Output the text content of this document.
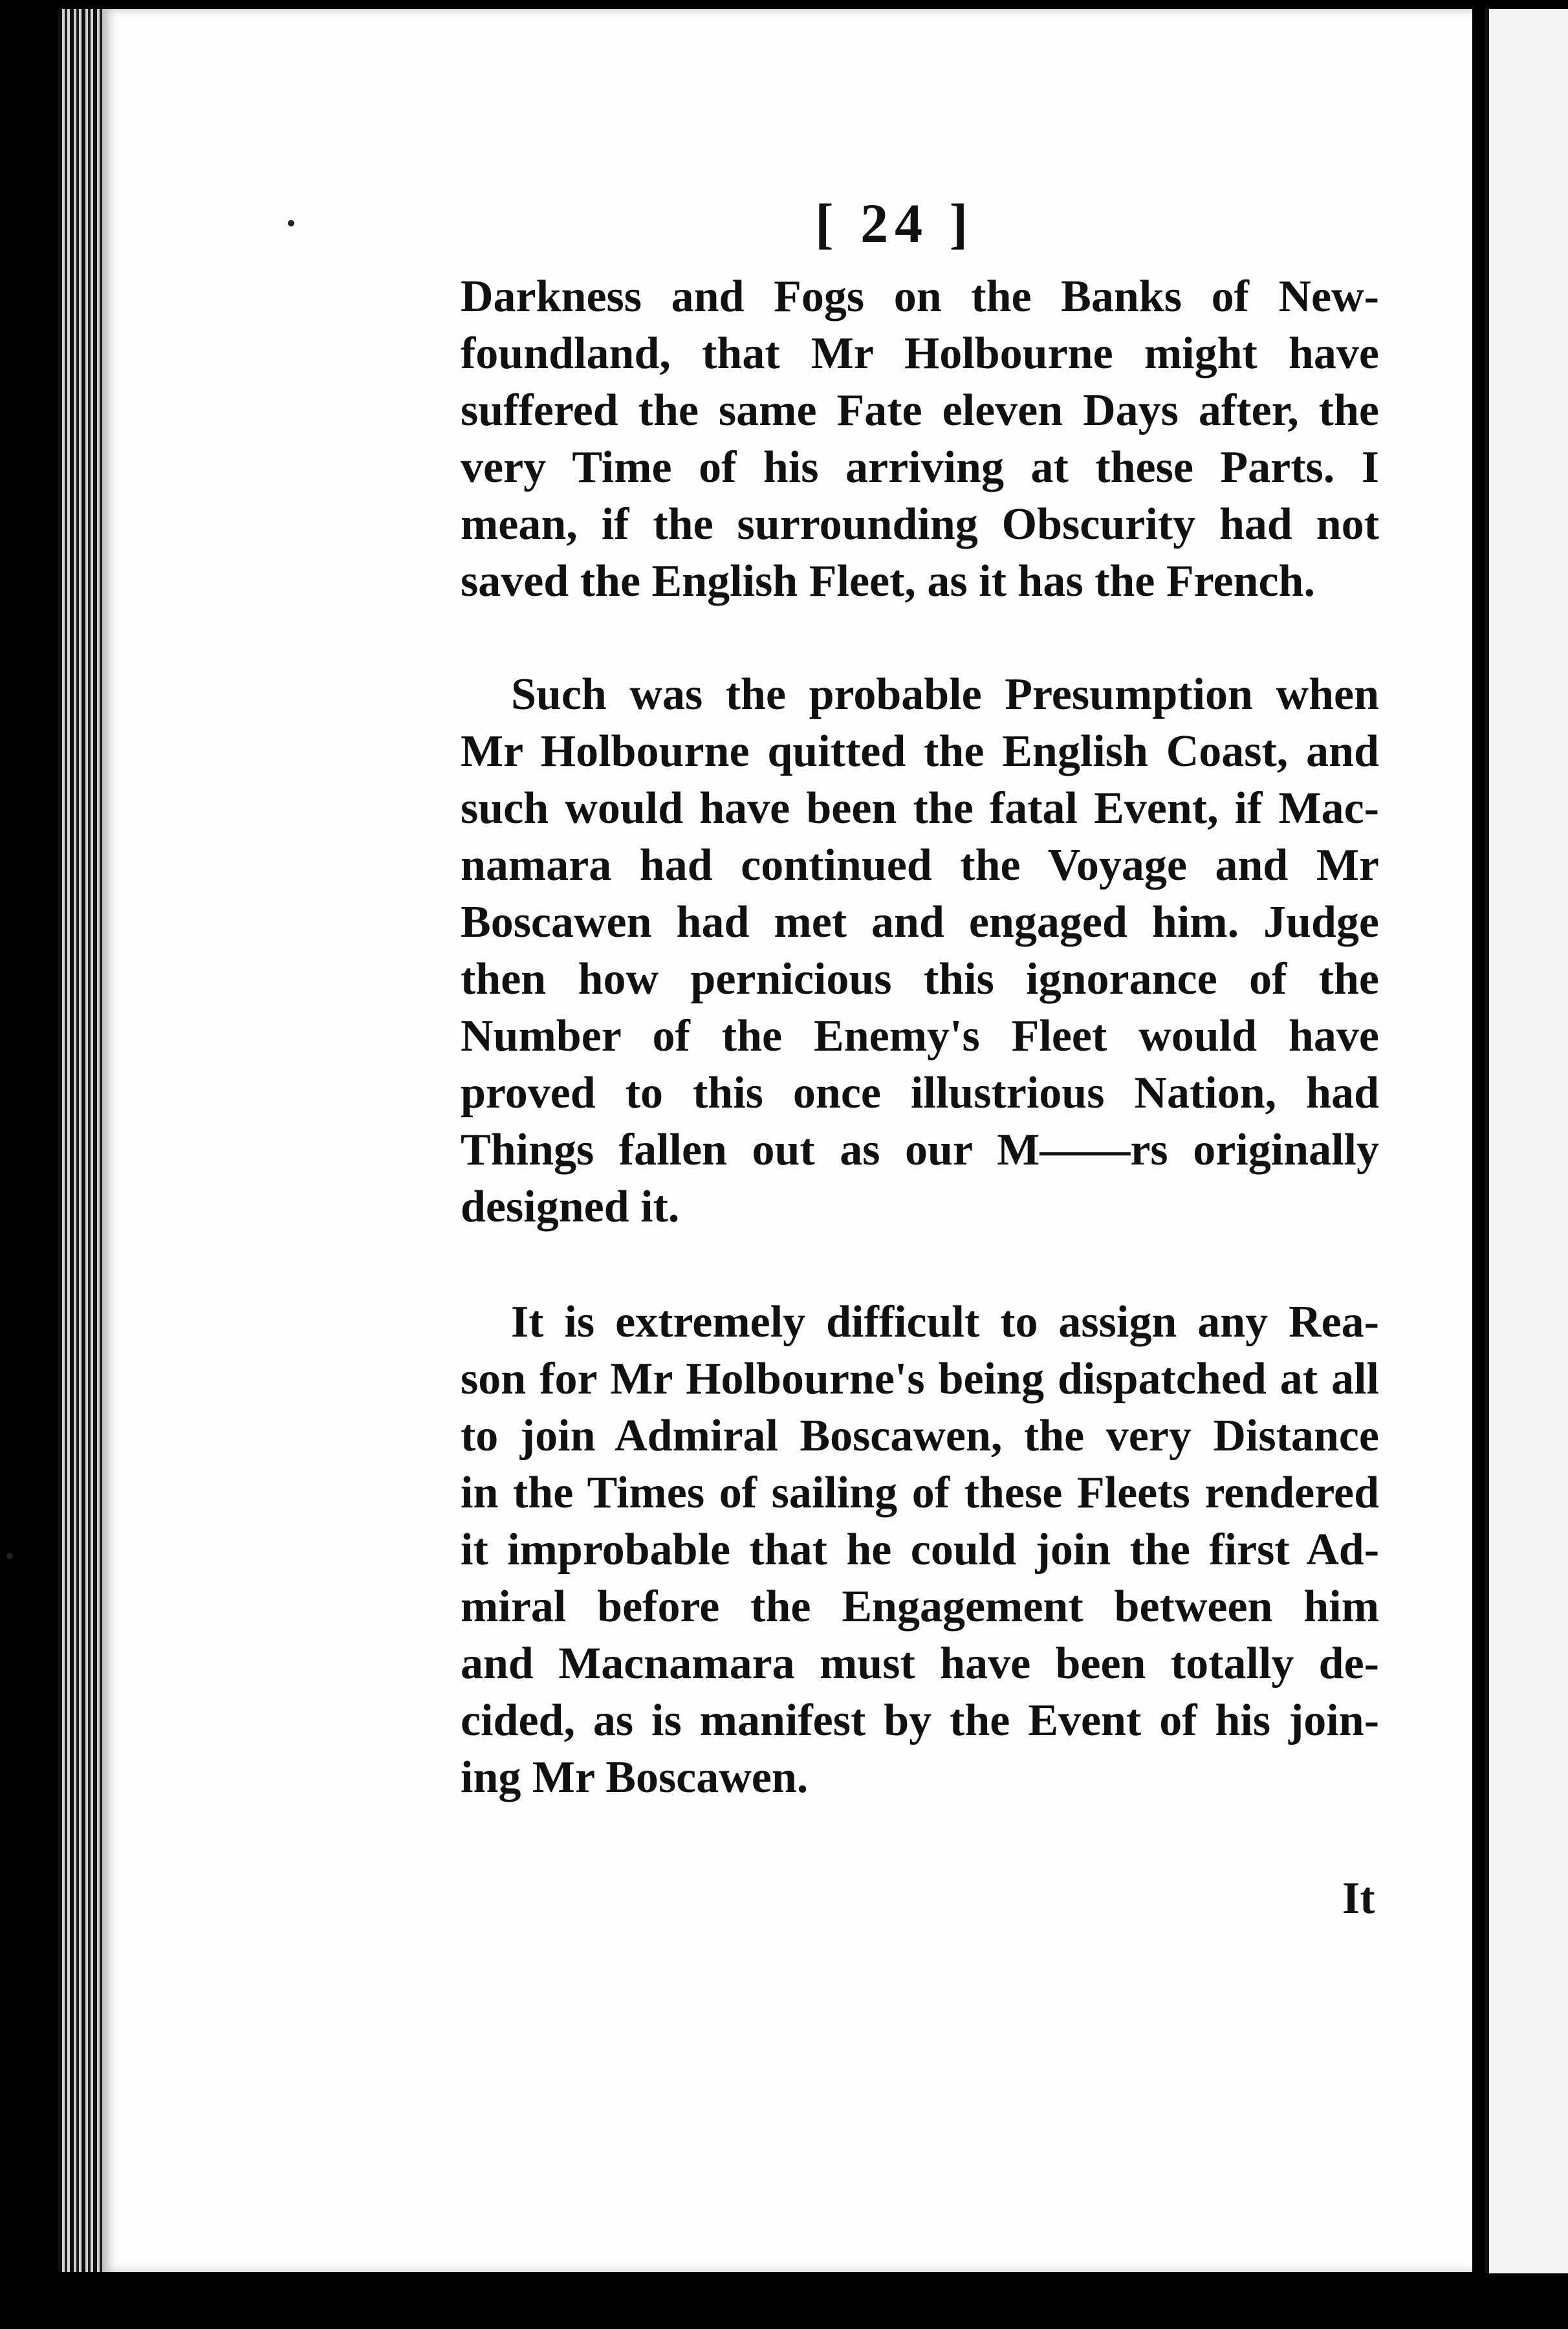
[ 24 ]
Darkness and Fogs on the Banks of New-
foundland, that Mr Holbourne might have
suffered the same Fate eleven Days after, the
very Time of his arriving at these Parts. I
mean, if the surrounding Obscurity had not
saved the English Fleet, as it has the French.
Such was the probable Presumption when
Mr Holbourne quitted the English Coast, and
such would have been the fatal Event, if Mac-
namara had continued the Voyage and Mr
Boscawen had met and engaged him. Judge
then how pernicious this ignorance of the
Number of the Enemy's Fleet would have
proved to this once illustrious Nation, had
Things fallen out as our M——rs originally
designed it.
It is extremely difficult to assign any Rea-
son for Mr Holbourne's being dispatched at all
to join Admiral Boscawen, the very Distance
in the Times of sailing of these Fleets rendered
it improbable that he could join the first Ad-
miral before the Engagement between him
and Macnamara must have been totally de-
cided, as is manifest by the Event of his join-
ing Mr Boscawen.
It
